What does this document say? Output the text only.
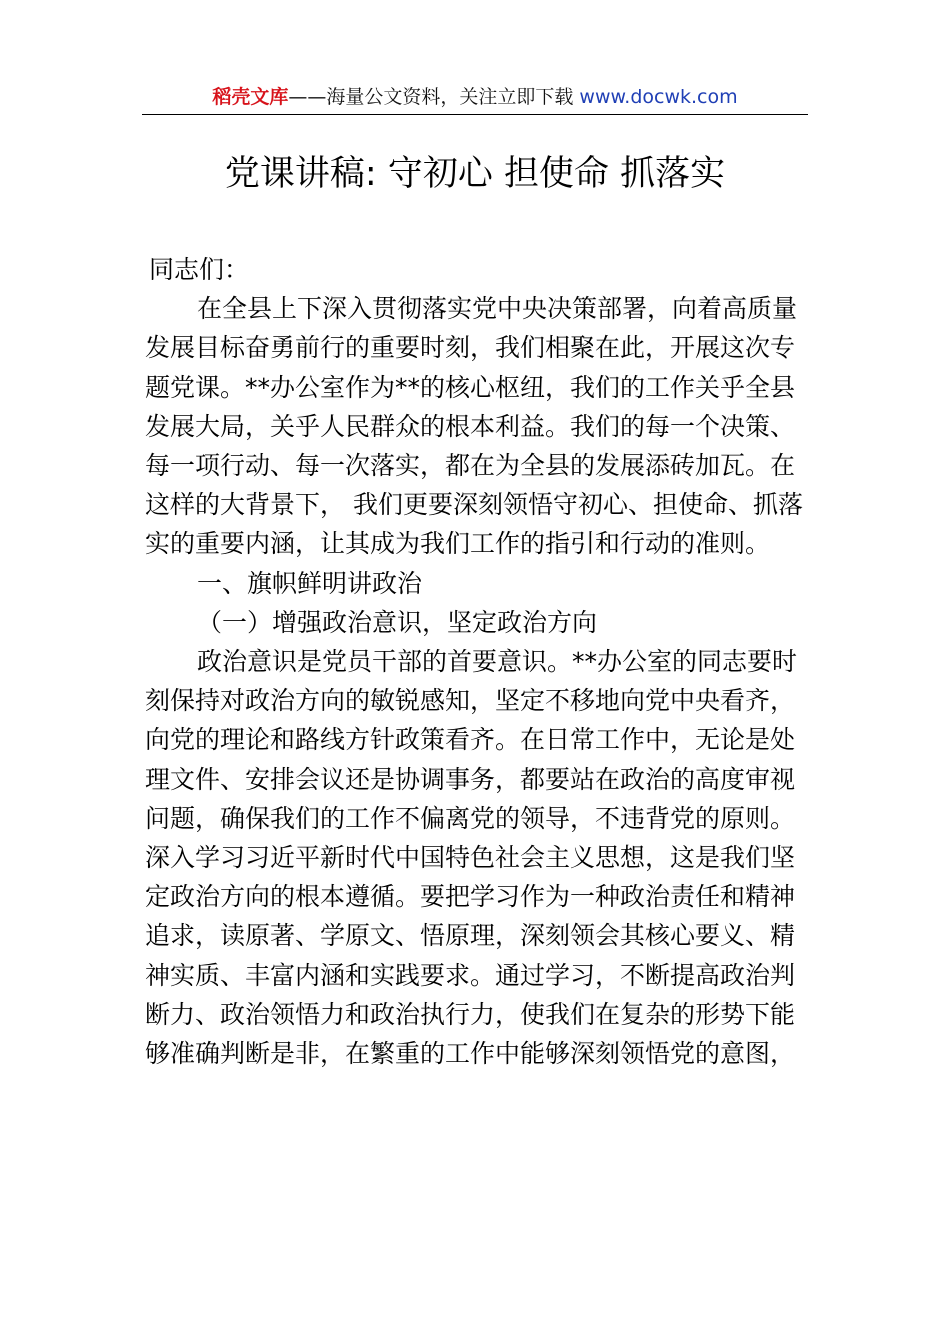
稻壳文库——海量公文资料，关注立即下载 www.docwk.com
党课讲稿: 守初心 担使命 抓落实

同志们：

在全县上下深入贯彻落实党中央决策部署，向着高质量

发展目标奋勇前行的重要时刻，我们相聚在此，开展这次专

题党课。**办公室作为**的核心枢纽，我们的工作关乎全县

发展大局，关乎人民群众的根本利益。我们的每一个决策、

每一项行动、每一次落实，都在为全县的发展添砖加瓦。在

这样的大背景下， 我们更要深刻领悟守初心、担使命、抓落

实的重要内涵，让其成为我们工作的指引和行动的准则。

一、旗帜鲜明讲政治

（一）增强政治意识，坚定政治方向

政治意识是党员干部的首要意识。**办公室的同志要时

刻保持对政治方向的敏锐感知，坚定不移地向党中央看齐，

向党的理论和路线方针政策看齐。在日常工作中，无论是处

理文件、安排会议还是协调事务，都要站在政治的高度审视

问题，确保我们的工作不偏离党的领导，不违背党的原则。

深入学习习近平新时代中国特色社会主义思想，这是我们坚

定政治方向的根本遵循。要把学习作为一种政治责任和精神

追求，读原著、学原文、悟原理，深刻领会其核心要义、精

神实质、丰富内涵和实践要求。通过学习，不断提高政治判

断力、政治领悟力和政治执行力，使我们在复杂的形势下能

够准确判断是非，在繁重的工作中能够深刻领悟党的意图，
